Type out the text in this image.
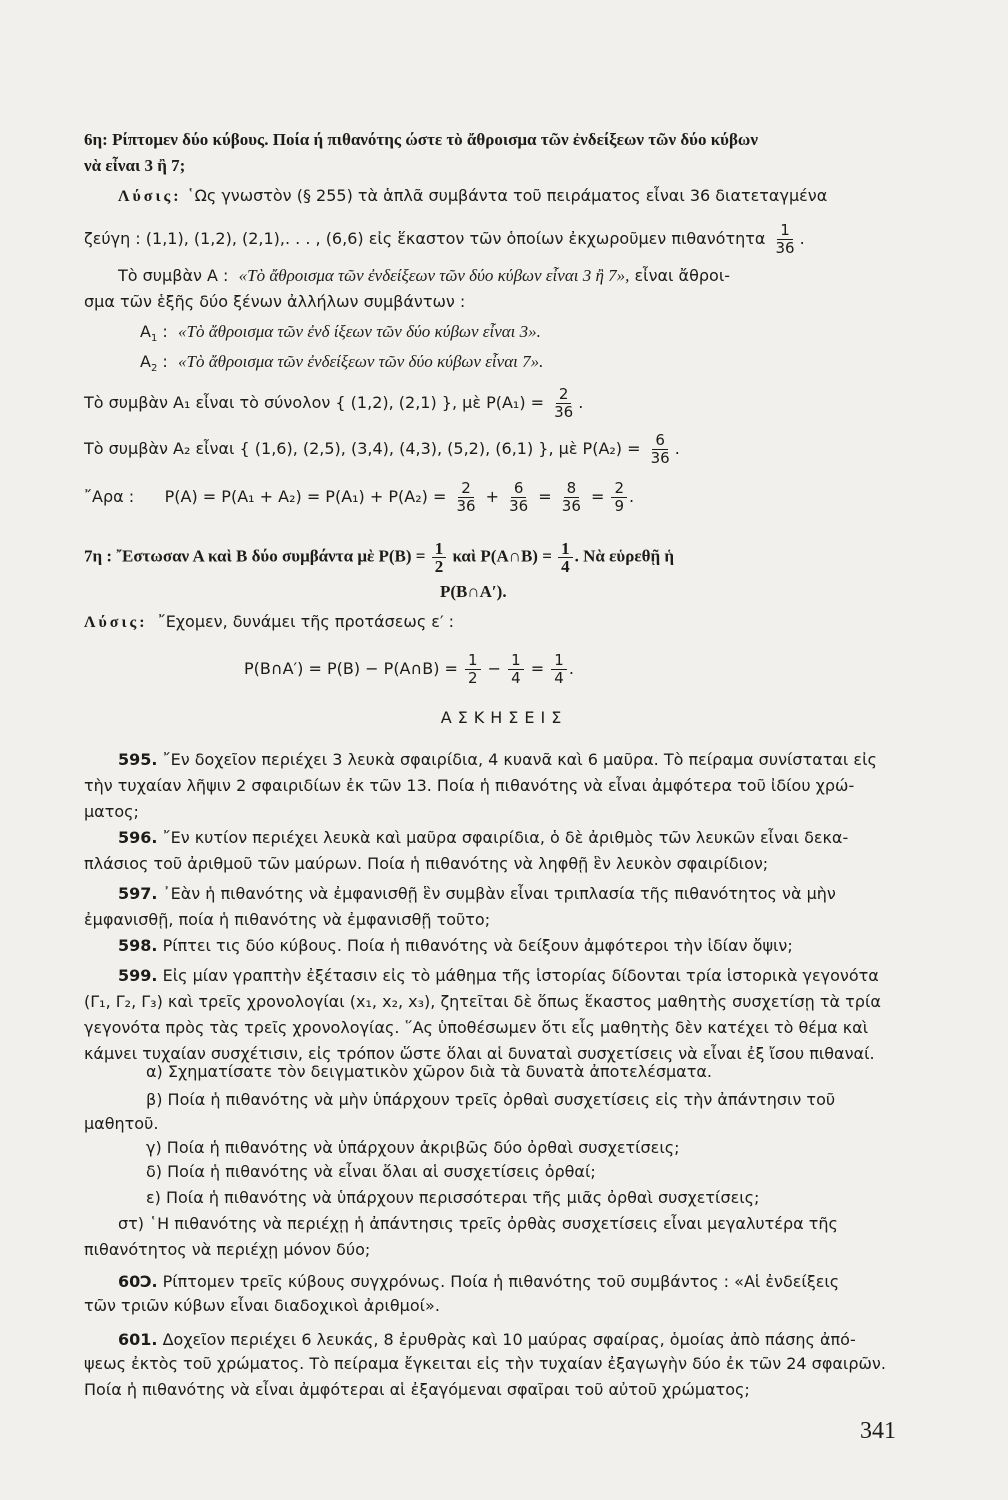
6η: Ρίπτομεν δύο κύβους. Ποία ή πιθανότης ώστε τὸ ἄθροισμα τῶν ἐνδείξεων τῶν δύο κύβων
νὰ εἶναι 3 ἢ 7;
Λύσις: ῾Ως γνωστὸν (§ 255) τὰ ἁπλᾶ συμβάντα τοῦ πειράματος εἶναι 36 διατεταγμένα
ζεύγη : (1,1), (1,2), (2,1),. . . , (6,6) εἰς ἕκαστον τῶν ὁποίων ἐκχωροῦμεν πιθανότητα $\frac{1}{36}$ .
Τὸ συμβὰν Α : «Τὸ ἄθροισμα τῶν ἐνδείξεων τῶν δύο κύβων εἶναι 3 ἢ 7», εἶναι ἄθροι-
σμα τῶν ἑξῆς δύο ξένων ἀλλήλων συμβάντων :
$A_1$ :  «Τὸ ἄθροισμα τῶν ἐνδ ίξεων τῶν δύο κύβων εἶναι 3».
$A_2$ :  «Τὸ ἄθροισμα τῶν ἐνδείξεων τῶν δύο κύβων εἶναι 7».
Τὸ συμβὰν Α₁ εἶναι τὸ σύνολον { (1,2), (2,1) }, μὲ $P(A_1) = \frac{2}{36}$ .
Τὸ συμβὰν Α₂ εἶναι { (1,6), (2,5), (3,4), (4,3), (5,2), (6,1) }, μὲ $P(A_2) = \frac{6}{36}$ .
῎Αρα : $P(A) = P(A_1 + A_2) = P(A_1) + P(A_2) = \frac{2}{36} + \frac{6}{36} = \frac{8}{36} = \frac{2}{9}$ .
7η : ῎Εστωσαν Α καὶ Β δύο συμβάντα μὲ $P(B) = \frac{1}{2}$ καὶ P(A∩B) = $\frac{1}{4}$ . Νὰ εὑρεθῇ ἡ
P(B∩A′).
Λύσις: ῎Εχομεν, δυνάμει τῆς προτάσεως ε′ :
P(B∩A′) = P(B) − P(A∩B) = $\frac{1}{2} - \frac{1}{4} = \frac{1}{4}$ .
ΑΣΚΗΣΕΙΣ
595. ῎Εν δοχεῖον περιέχει 3 λευκὰ σφαιρίδια, 4 κυανᾶ καὶ 6 μαῦρα. Τὸ πείραμα συνίσταται εἰς
τὴν τυχαίαν λῆψιν 2 σφαιριδίων ἐκ τῶν 13. Ποία ἡ πιθανότης νὰ εἶναι ἀμφότερα τοῦ ἰδίου χρώ-
ματος;
596. ῎Εν κυτίον περιέχει λευκὰ καὶ μαῦρα σφαιρίδια, ὁ δὲ ἀριθμὸς τῶν λευκῶν εἶναι δεκα-
πλάσιος τοῦ ἀριθμοῦ τῶν μαύρων. Ποία ἡ πιθανότης νὰ ληφθῇ ἓν λευκὸν σφαιρίδιον;
597. ᾿Εὰν ἡ πιθανότης νὰ ἐμφανισθῇ ἓν συμβὰν εἶναι τριπλασία τῆς πιθανότητος νὰ μὴν
ἐμφανισθῇ, ποία ἡ πιθανότης νὰ ἐμφανισθῇ τοῦτο;
598. Ρίπτει τις δύο κύβους. Ποία ἡ πιθανότης νὰ δείξουν ἀμφότεροι τὴν ἰδίαν ὄψιν;
599. Εἰς μίαν γραπτὴν ἐξέτασιν εἰς τὸ μάθημα τῆς ἱστορίας δίδονται τρία ἱστορικὰ γεγονότα
(Γ₁, Γ₂, Γ₃) καὶ τρεῖς χρονολογίαι (x₁, x₂, x₃), ζητεῖται δὲ ὅπως ἕκαστος μαθητὴς συσχετίσῃ τὰ τρία
γεγονότα πρὸς τὰς τρεῖς χρονολογίας. ῞Ας ὑποθέσωμεν ὅτι εἷς μαθητὴς δὲν κατέχει τὸ θέμα καὶ
κάμνει τυχαίαν συσχέτισιν, εἰς τρόπον ὥστε ὅλαι αἱ δυναταὶ συσχετίσεις νὰ εἶναι ἐξ ἴσου πιθαναί.
α) Σχηματίσατε τὸν δειγματικὸν χῶρον διὰ τὰ δυνατὰ ἀποτελέσματα.
β) Ποία ἡ πιθανότης νὰ μὴν ὑπάρχουν τρεῖς ὀρθαὶ συσχετίσεις εἰς τὴν ἀπάντησιν τοῦ
μαθητοῦ.
γ) Ποία ἡ πιθανότης νὰ ὑπάρχουν ἀκριβῶς δύο ὀρθαὶ συσχετίσεις;
δ) Ποία ἡ πιθανότης νὰ εἶναι ὅλαι αἱ συσχετίσεις ὀρθαί;
ε) Ποία ἡ πιθανότης νὰ ὑπάρχουν περισσότεραι τῆς μιᾶς ὀρθαὶ συσχετίσεις;
στ) ῾Η πιθανότης νὰ περιέχῃ ἡ ἀπάντησις τρεῖς ὀρθὰς συσχετίσεις εἶναι μεγαλυτέρα τῆς
πιθανότητος νὰ περιέχῃ μόνον δύο;
60Ͻ. Ρίπτομεν τρεῖς κύβους συγχρόνως. Ποία ἡ πιθανότης τοῦ συμβάντος : «Αἱ ἐνδείξεις
τῶν τριῶν κύβων εἶναι διαδοχικοὶ ἀριθμοί».
601. Δοχεῖον περιέχει 6 λευκάς, 8 ἐρυθρὰς καὶ 10 μαύρας σφαίρας, ὁμοίας ἀπὸ πάσης ἀπό-
ψεως ἐκτὸς τοῦ χρώματος. Τὸ πείραμα ἔγκειται εἰς τὴν τυχαίαν ἐξαγωγὴν δύο ἐκ τῶν 24 σφαιρῶν.
Ποία ἡ πιθανότης νὰ εἶναι ἀμφότεραι αἱ ἐξαγόμεναι σφαῖραι τοῦ αὐτοῦ χρώματος;
341
